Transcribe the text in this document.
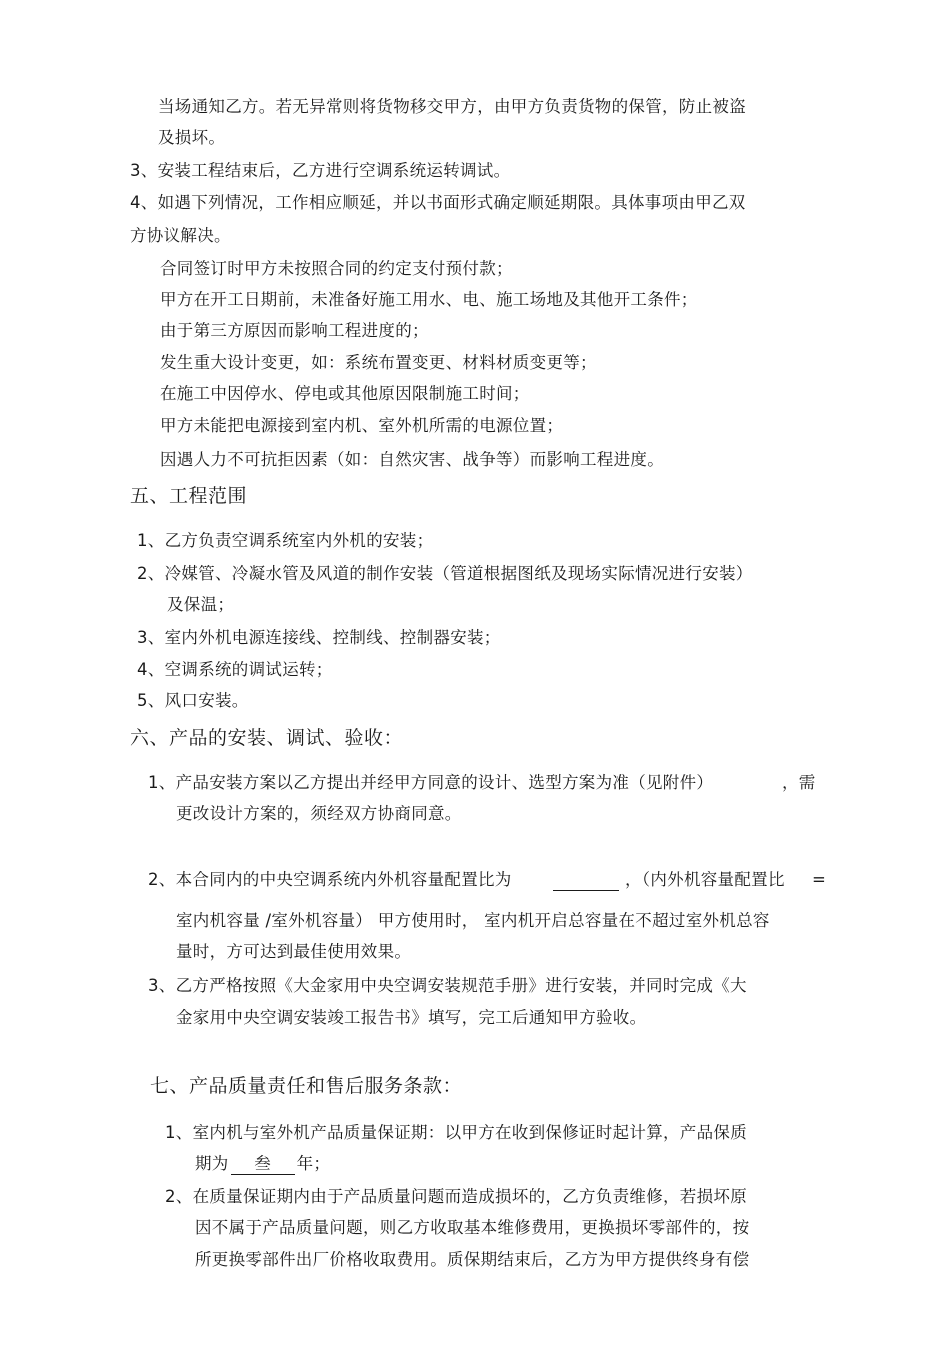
当场通知乙方。若无异常则将货物移交甲方，由甲方负责货物的保管，防止被盗
及损坏。
3、安装工程结束后，乙方进行空调系统运转调试。
4、如遇下列情况，工作相应顺延，并以书面形式确定顺延期限。具体事项由甲乙双
方协议解决。
合同签订时甲方未按照合同的约定支付预付款；
甲方在开工日期前，未准备好施工用水、电、施工场地及其他开工条件；
由于第三方原因而影响工程进度的；
发生重大设计变更，如：系统布置变更、材料材质变更等；
在施工中因停水、停电或其他原因限制施工时间；
甲方未能把电源接到室内机、室外机所需的电源位置；
因遇人力不可抗拒因素（如：自然灾害、战争等）而影响工程进度。
五、工程范围
1、乙方负责空调系统室内外机的安装；
2、冷媒管、冷凝水管及风道的制作安装（管道根据图纸及现场实际情况进行安装）
及保温；
3、室内外机电源连接线、控制线、控制器安装；
4、空调系统的调试运转；
5、风口安装。
六、产品的安装、调试、验收：
1、产品安装方案以乙方提出并经甲方同意的设计、选型方案为准（见附件）	，需
更改设计方案的，须经双方协商同意。
2、本合同内的中央空调系统内外机容量配置比为
	，（内外机容量配置比 =
室内机容量 /室外机容量） 甲方使用时， 室内机开启总容量在不超过室外机总容
量时，方可达到最佳使用效果。
3、乙方严格按照《大金家用中央空调安装规范手册》进行安装，并同时完成《大
金家用中央空调安装竣工报告书》填写，完工后通知甲方验收。
七、产品质量责任和售后服务条款：
1、室内机与室外机产品质量保证期：以甲方在收到保修证时起计算，产品保质
期为 叁 年；
2、在质量保证期内由于产品质量问题而造成损坏的，乙方负责维修，若损坏原
因不属于产品质量问题，则乙方收取基本维修费用，更换损坏零部件的，按
所更换零部件出厂价格收取费用。质保期结束后，乙方为甲方提供终身有偿
